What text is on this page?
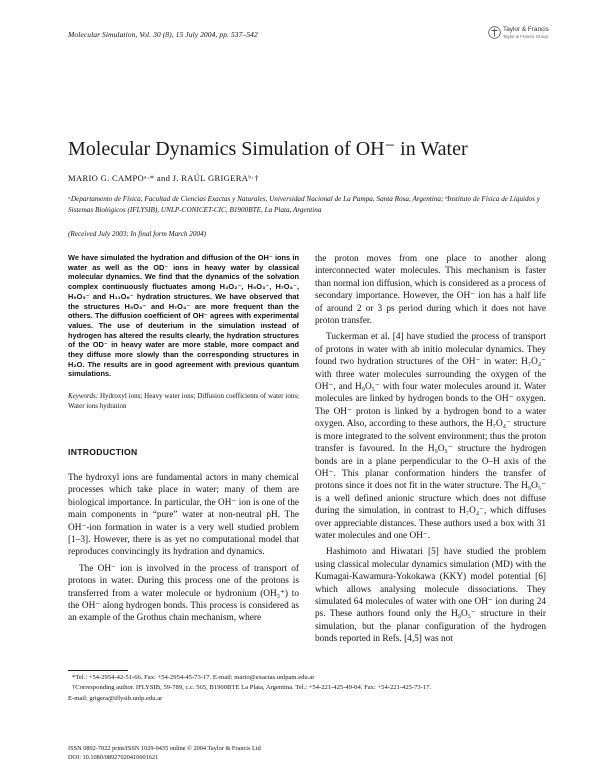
Molecular Simulation, Vol. 30 (8), 15 July 2004, pp. 537–542
Taylor & Francis
Taylor & Francis Group
Molecular Dynamics Simulation of OH⁻ in Water
MARIO G. CAMPOᵃ·* and J. RAÚL GRIGERAᵇ·†
ᵃDepartamento de Física, Facultad de Ciencias Exactas y Naturales, Universidad Nacional de La Pampa, Santa Rosa, Argentina; ᵇInstituto de Física de Líquidos y Sistemas Biológicos (IFLYSIB), UNLP-CONICET-CIC, B1900BTE, La Plata, Argentina
(Received July 2003; In final form March 2004)

We have simulated the hydration and diffusion of the OH⁻ ions in water as well as the OD⁻ ions in heavy water by classical molecular dynamics. We find that the dynamics of the solvation complex continuously fluctuates among H₃O₂⁻, H₅O₃⁻, H₇O₄⁻, H₉O₅⁻ and H₁₁O₆⁻ hydration structures. We have observed that the structures H₅O₃⁻ and H₇O₄⁻ are more frequent than the others. The diffusion coefficient of OH⁻ agrees with experimental values. The use of deuterium in the simulation instead of hydrogen has altered the results clearly, the hydration structures of the OD⁻ in heavy water are more stable, more compact and they diffuse more slowly than the corresponding structures in H₂O. The results are in good agreement with previous quantum simulations.

Keywords: Hydroxyl ions; Heavy water ions; Diffusion coefficients of water ions; Water ions hydration
INTRODUCTION

The hydroxyl ions are fundamental actors in many chemical processes which take place in water; many of them are biological importance. In particular, the OH⁻ ion is one of the main components in “pure” water at non-neutral pH. The OH⁻-ion formation in water is a very well studied problem [1–3]. However, there is as yet no computational model that reproduces convincingly its hydration and dynamics.

The OH⁻ ion is involved in the process of transport of protons in water. During this process one of the protons is transferred from a water molecule or hydronium (OH₃⁺) to the OH⁻ along hydrogen bonds. This process is considered as an example of the Grothus chain mechanism, where

the proton moves from one place to another along interconnected water molecules. This mechanism is faster than normal ion diffusion, which is considered as a process of secondary importance. However, the OH⁻ ion has a half life of around 2 or 3 ps period during which it does not have proton transfer.

Tuckerman et al. [4] have studied the process of transport of protons in water with ab initio molecular dynamics. They found two hydration structures of the OH⁻ in water: H₇O₄⁻ with three water molecules surrounding the oxygen of the OH⁻, and H₉O₅⁻ with four water molecules around it. Water molecules are linked by hydrogen bonds to the OH⁻ oxygen. The OH⁻ proton is linked by a hydrogen bond to a water oxygen. Also, according to these authors, the H₇O₄⁻ structure is more integrated to the solvent environment; thus the proton transfer is favoured. In the H₉O₅⁻ structure the hydrogen bonds are in a plane perpendicular to the O–H axis of the OH⁻. This planar conformation hinders the transfer of protons since it does not fit in the water structure. The H₉O₅⁻ is a well defined anionic structure which does not diffuse during the simulation, in contrast to H₇O₄⁻, which diffuses over appreciable distances. These authors used a box with 31 water molecules and one OH⁻.

Hashimoto and Hiwatari [5] have studied the problem using classical molecular dynamics simulation (MD) with the Kumagai-Kawamura-Yokokawa (KKY) model potential [6] which allows analysing molecule dissociations. They simulated 64 molecules of water with one OH⁻ ion during 24 ps. These authors found only the H₉O₅⁻ structure in their simulation, but the planar configuration of the hydrogen bonds reported in Refs. [4,5] was not

*Tel.: +54-2954-42-51-66. Fax: +54-2954-45-73-17. E-mail: mario@exactas.unlpam.edu.ar
†Corresponding author. IFLYSIB, 59-789, c.c. 565, B1900BTE La Plata, Argentina. Tel.: +54-221-425-49-04. Fax: +54-221-425-73-17.
E-mail: grigera@iflysib.unlp.edu.ar
ISSN 0892-7022 print/ISSN 1029-0435 online © 2004 Taylor & Francis Ltd
DOI: 10.1080/08927020410001621
